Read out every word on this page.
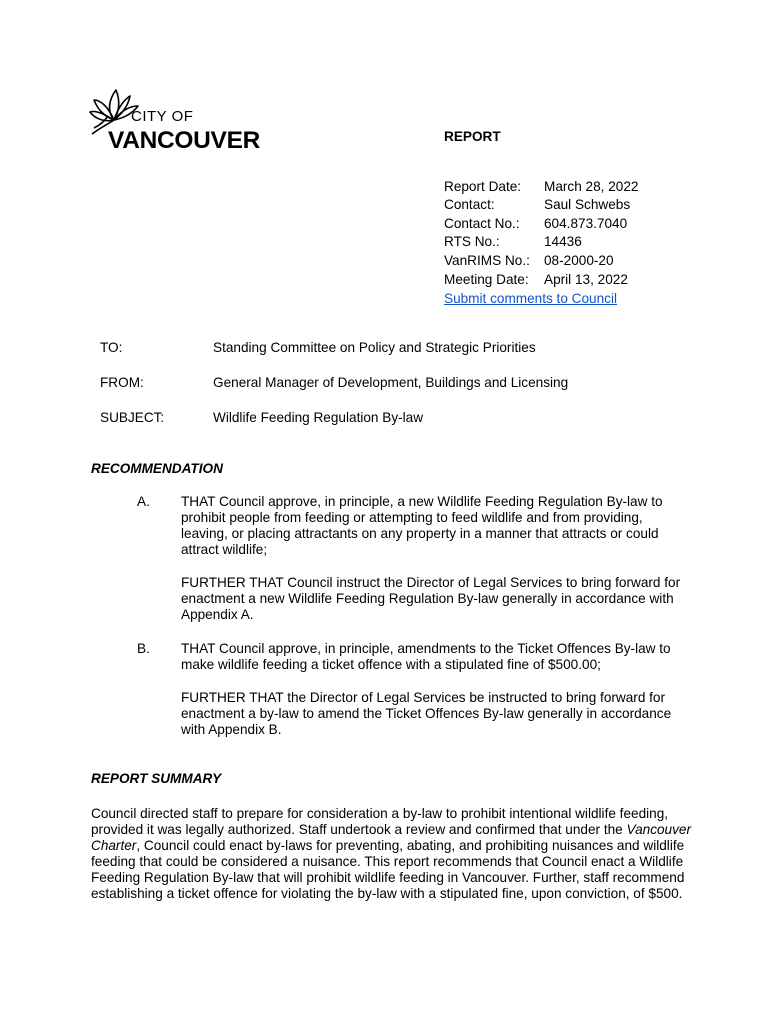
CITY OF
VANCOUVER	REPORT
Report Date: March 28, 2022
Contact:	Saul Schwebs
Contact No.: 604.873.7040
RTS No.:	14436
VanRIMS No.: 08-2000-20
Meeting Date: April 13, 2022
Submit comments to Council
TO:	Standing Committee on Policy and Strategic Priorities
FROM:	General Manager of Development, Buildings and Licensing
SUBJECT:	Wildlife Feeding Regulation By-law
RECOMMENDATION
A. THAT Council approve, in principle, a new Wildlife Feeding Regulation By-law to prohibit people from feeding or attempting to feed wildlife and from providing, leaving, or placing attractants on any property in a manner that attracts or could attract wildlife;

FURTHER THAT Council instruct the Director of Legal Services to bring forward for enactment a new Wildlife Feeding Regulation By-law generally in accordance with Appendix A.

B. THAT Council approve, in principle, amendments to the Ticket Offences By-law to make wildlife feeding a ticket offence with a stipulated fine of $500.00;

FURTHER THAT the Director of Legal Services be instructed to bring forward for enactment a by-law to amend the Ticket Offences By-law generally in accordance with Appendix B.

REPORT SUMMARY

Council directed staff to prepare for consideration a by-law to prohibit intentional wildlife feeding, provided it was legally authorized. Staff undertook a review and confirmed that under the Vancouver Charter, Council could enact by-laws for preventing, abating, and prohibiting nuisances and wildlife feeding that could be considered a nuisance. This report recommends that Council enact a Wildlife Feeding Regulation By-law that will prohibit wildlife feeding in Vancouver. Further, staff recommend establishing a ticket offence for violating the by-law with a stipulated fine, upon conviction, of $500.
